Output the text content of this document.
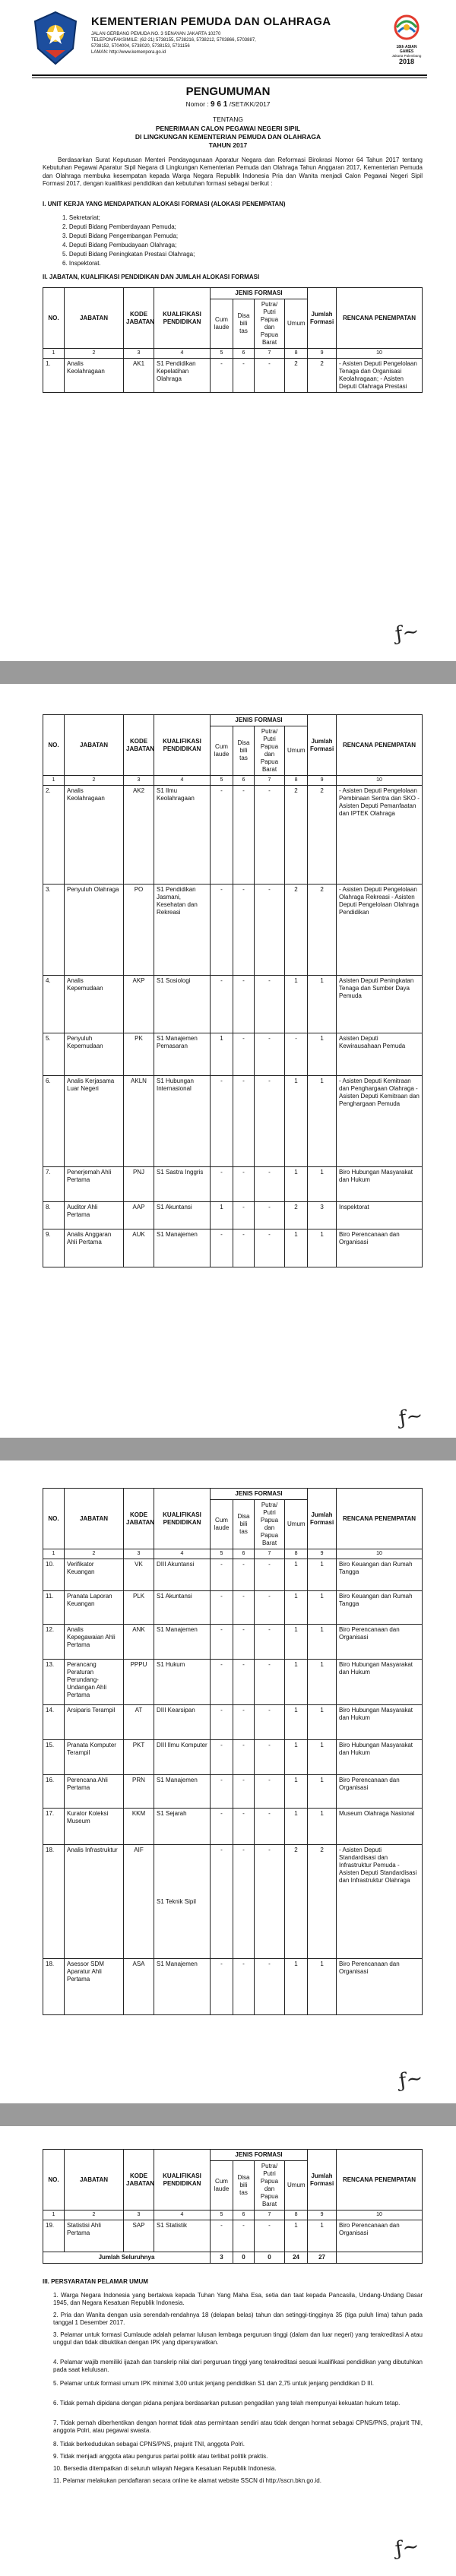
KEMENTERIAN PEMUDA DAN OLAHRAGA
JALAN GERBANG PEMUDA NO. 3 SENAYAN JAKARTA 10270
TELEPON/FAKSIMILE: (62-21) 5738155, 5738216, 5738212, 5703866, 5703887,
5738152, 5704004, 5738020, 5738153, 5731156
LAMAN: http://www.kemenpora.go.id
18th ASIAN GAMES
Jakarta Palembang
2018
PENGUMUMAN
Nomor : 9 6 1 /SET/KK/2017
TENTANG
PENERIMAAN CALON PEGAWAI NEGERI SIPIL
DI LINGKUNGAN KEMENTERIAN PEMUDA DAN OLAHRAGA
TAHUN 2017
Berdasarkan Surat Keputusan Menteri Pendayagunaan Aparatur Negara dan Reformasi Birokrasi Nomor 64 Tahun 2017 tentang Kebutuhan Pegawai Aparatur Sipil Negara di Lingkungan Kementerian Pemuda dan Olahraga Tahun Anggaran 2017, Kementerian Pemuda dan Olahraga membuka kesempatan kepada Warga Negara Republik Indonesia Pria dan Wanita menjadi Calon Pegawai Negeri Sipil Formasi 2017, dengan kualifikasi pendidikan dan kebutuhan formasi sebagai berikut :
I. UNIT KERJA YANG MENDAPATKAN ALOKASI FORMASI (ALOKASI PENEMPATAN)
1. Sekretariat;
2. Deputi Bidang Pemberdayaan Pemuda;
3. Deputi Bidang Pengembangan Pemuda;
4. Deputi Bidang Pembudayaan Olahraga;
5. Deputi Bidang Peningkatan Prestasi Olahraga;
6. Inspektorat.
II. JABATAN, KUALIFIKASI PENDIDIKAN DAN JUMLAH ALOKASI FORMASI
NO.	JABATAN	KODE JABATAN	KUALIFIKASI PENDIDIKAN	JENIS FORMASI				Jumlah Formasi	RENCANA PENEMPATAN
				Cum laude	Disa bili tas	Putra/ Putri Papua dan Papua Barat	Umum		
1	2	3	4	5	6	7	8	9	10
1.	Analis Keolahragaan	AK1	S1 Pendidikan Kepelatihan Olahraga	-	-	-	2	2	- Asisten Deputi Pengelolaan Tenaga dan Organisasi Keolahragaan; - Asisten Deputi Olahraga Prestasi
ƒ~
NO.	JABATAN	KODE JABATAN	KUALIFIKASI PENDIDIKAN	JENIS FORMASI				Jumlah Formasi	RENCANA PENEMPATAN
				Cum laude	Disa bili tas	Putra/ Putri Papua dan Papua Barat	Umum		
1	2	3	4	5	6	7	8	9	10
2.	Analis Keolahragaan	AK2	S1 Ilmu Keolahragaan	-	-	-	2	2	- Asisten Deputi Pengelolaan Pembinaan Sentra dan SKO - Asisten Deputi Pemanfaatan dan IPTEK Olahraga
3.	Penyuluh Olahraga	PO	S1 Pendidikan Jasmani, Kesehatan dan Rekreasi	-	-	-	2	2	- Asisten Deputi Pengelolaan Olahraga Rekreasi - Asisten Deputi Pengelolaan Olahraga Pendidikan
4.	Analis Kepemudaan	AKP	S1 Sosiologi	-	-	-	1	1	Asisten Deputi Peningkatan Tenaga dan Sumber Daya Pemuda
5.	Penyuluh Kepemudaan	PK	S1 Manajemen Pemasaran	1	-	-	-	1	Asisten Deputi Kewirausahaan Pemuda
6.	Analis Kerjasama Luar Negeri	AKLN	S1 Hubungan Internasional	-	-	-	1	1	- Asisten Deputi Kemitraan dan Penghargaan Olahraga - Asisten Deputi Kemitraan dan Penghargaan Pemuda
7.	Penerjemah Ahli Pertama	PNJ	S1 Sastra Inggris	-	-	-	1	1	Biro Hubungan Masyarakat dan Hukum
8.	Auditor Ahli Pertama	AAP	S1 Akuntansi	1	-	-	2	3	Inspektorat
9.	Analis Anggaran Ahli Pertama	AUK	S1 Manajemen	-	-	-	1	1	Biro Perencanaan dan Organisasi
ƒ~
NO.	JABATAN	KODE JABATAN	KUALIFIKASI PENDIDIKAN	JENIS FORMASI				Jumlah Formasi	RENCANA PENEMPATAN
				Cum laude	Disa bili tas	Putra/ Putri Papua dan Papua Barat	Umum		
1	2	3	4	5	6	7	8	9	10
10.	Verifikator Keuangan	VK	DIII Akuntansi	-	-	-	1	1	Biro Keuangan dan Rumah Tangga
11.	Pranata Laporan Keuangan	PLK	S1 Akuntansi	-	-	-	1	1	Biro Keuangan dan Rumah Tangga
12.	Analis Kepegawaian Ahli Pertama	ANK	S1 Manajemen	-	-	-	1	1	Biro Perencanaan dan Organisasi
13.	Perancang Peraturan Perundang-Undangan Ahli Pertama	PPPU	S1 Hukum	-	-	-	1	1	Biro Hubungan Masyarakat dan Hukum
14.	Arsiparis Terampil	AT	DIII Kearsipan	-	-	-	1	1	Biro Hubungan Masyarakat dan Hukum
15.	Pranata Komputer Terampil	PKT	DIII Ilmu Komputer	-	-	-	1	1	Biro Hubungan Masyarakat dan Hukum
16.	Perencana Ahli Pertama	PRN	S1 Manajemen	-	-	-	1	1	Biro Perencanaan dan Organisasi
17.	Kurator Koleksi Museum	KKM	S1 Sejarah	-	-	-	1	1	Museum Olahraga Nasional
18.	Analis Infrastruktur	AIF	S1 Teknik Sipil	-	-	-	2	2	- Asisten Deputi Standardisasi dan Infrastruktur Pemuda - Asisten Deputi Standardisasi dan Infrastruktur Olahraga
18.	Asessor SDM Aparatur Ahli Pertama	ASA	S1 Manajemen	-	-	-	1	1	Biro Perencanaan dan Organisasi
ƒ~
NO.	JABATAN	KODE JABATAN	KUALIFIKASI PENDIDIKAN	JENIS FORMASI				Jumlah Formasi	RENCANA PENEMPATAN
				Cum laude	Disa bili tas	Putra/ Putri Papua dan Papua Barat	Umum		
1	2	3	4	5	6	7	8	9	10
19.	Statistisi Ahli Pertama	SAP	S1 Statistik	-	-	-	1	1	Biro Perencanaan dan Organisasi
Jumlah Seluruhnya				3	0	0	24	27	
III. PERSYARATAN PELAMAR UMUM
1. Warga Negara Indonesia yang bertakwa kepada Tuhan Yang Maha Esa, setia dan taat kepada Pancasila, Undang-Undang Dasar 1945, dan Negara Kesatuan Republik Indonesia.
2. Pria dan Wanita dengan usia serendah-rendahnya 18 (delapan belas) tahun dan setinggi-tingginya 35 (tiga puluh lima) tahun pada tanggal 1 Desember 2017.
3. Pelamar untuk formasi Cumlaude adalah pelamar lulusan lembaga perguruan tinggi (dalam dan luar negeri) yang terakreditasi A atau unggul dan tidak dibuktikan dengan IPK yang dipersyaratkan.
4. Pelamar wajib memiliki ijazah dan transkrip nilai dari perguruan tinggi yang terakreditasi sesuai kualifikasi pendidikan yang dibutuhkan pada saat kelulusan.
5. Pelamar untuk formasi umum IPK minimal 3,00 untuk jenjang pendidikan S1 dan 2,75 untuk jenjang pendidikan D III.
6. Tidak pernah dipidana dengan pidana penjara berdasarkan putusan pengadilan yang telah mempunyai kekuatan hukum tetap.
7. Tidak pernah diberhentikan dengan hormat tidak atas permintaan sendiri atau tidak dengan hormat sebagai CPNS/PNS, prajurit TNI, anggota Polri, atau pegawai swasta.
8. Tidak berkedudukan sebagai CPNS/PNS, prajurit TNI, anggota Polri.
9. Tidak menjadi anggota atau pengurus partai politik atau terlibat politik praktis.
10. Bersedia ditempatkan di seluruh wilayah Negara Kesatuan Republik Indonesia.
11. Pelamar melakukan pendaftaran secara online ke alamat website SSCN di http://sscn.bkn.go.id.
ƒ~
